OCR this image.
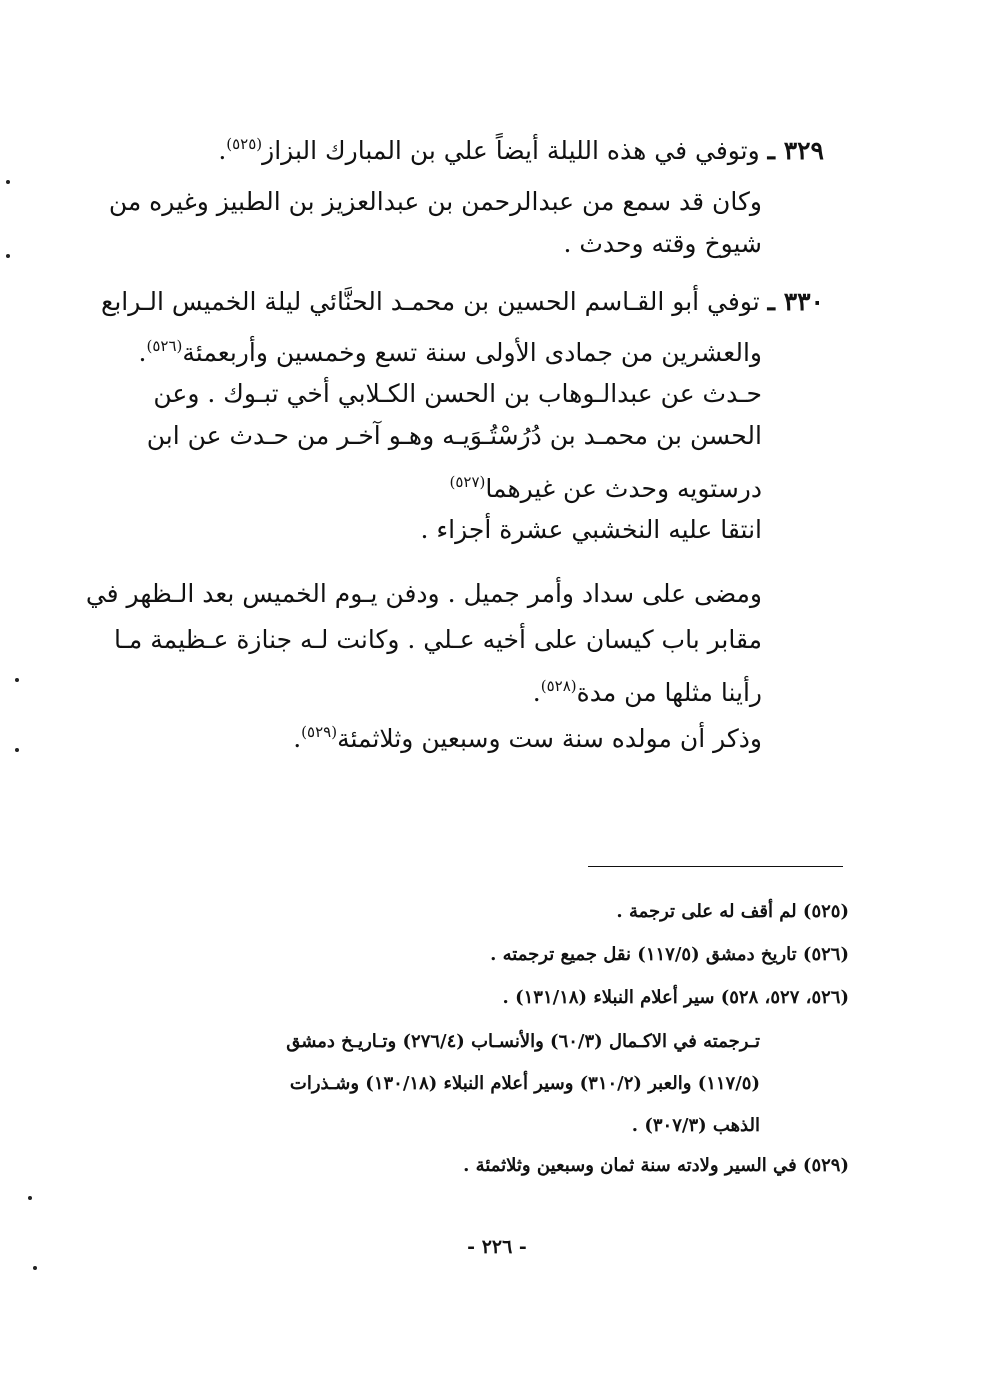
٣٢٩ ـ وتوفي في هذه الليلة أيضاً علي بن المبارك البزاز$^{(٥٢٥)}$.
وكان قد سمع من عبدالرحمن بن عبدالعزيز بن الطبيز وغيره من
شيوخ وقته وحدث .
٣٣٠ ـ توفي أبو القـاسم الحسين بن محمـد الحنَّائي ليلة الخميس الـرابع
والعشرين من جمادى الأولى سنة تسع وخمسين وأربعمئة$^{(٥٢٦)}$.
حـدث عن عبدالـوهاب بن الحسن الكـلابي أخي تبـوك . وعن
الحسن بن محمـد بن دُرُسْتُـوَيـه وهـو آخـر من حـدث عن ابن
درستويه وحدث عن غيرهما$^{(٥٢٧)}$
انتقا عليه النخشبي عشرة أجزاء .
ومضى على سداد وأمر جميل . ودفن يـوم الخميس بعد الـظهر في
مقابر باب كيسان على أخيه عـلي . وكانت لـه جنازة عـظيمة مـا
رأينا مثلها من مدة$^{(٥٢٨)}$.
وذكر أن مولده سنة ست وسبعين وثلاثمئة$^{(٥٢٩)}$.
(٥٢٥) لم أقف له على ترجمة .
(٥٢٦) تاريخ دمشق (١١٧/٥) نقل جميع ترجمته .
(٥٢٦، ٥٢٧، ٥٢٨) سير أعلام النبلاء (١٣١/١٨) .
تـرجمته في الاكـمال (٦٠/٣) والأنسـاب (٢٧٦/٤) وتـاريـخ دمشق
(١١٧/٥) والعبر (٣١٠/٢) وسير أعلام النبلاء (١٣٠/١٨) وشـذرات
الذهب (٣٠٧/٣) .
(٥٢٩) في السير ولادته سنة ثمان وسبعين وثلاثمئة .
- ٢٢٦ -
